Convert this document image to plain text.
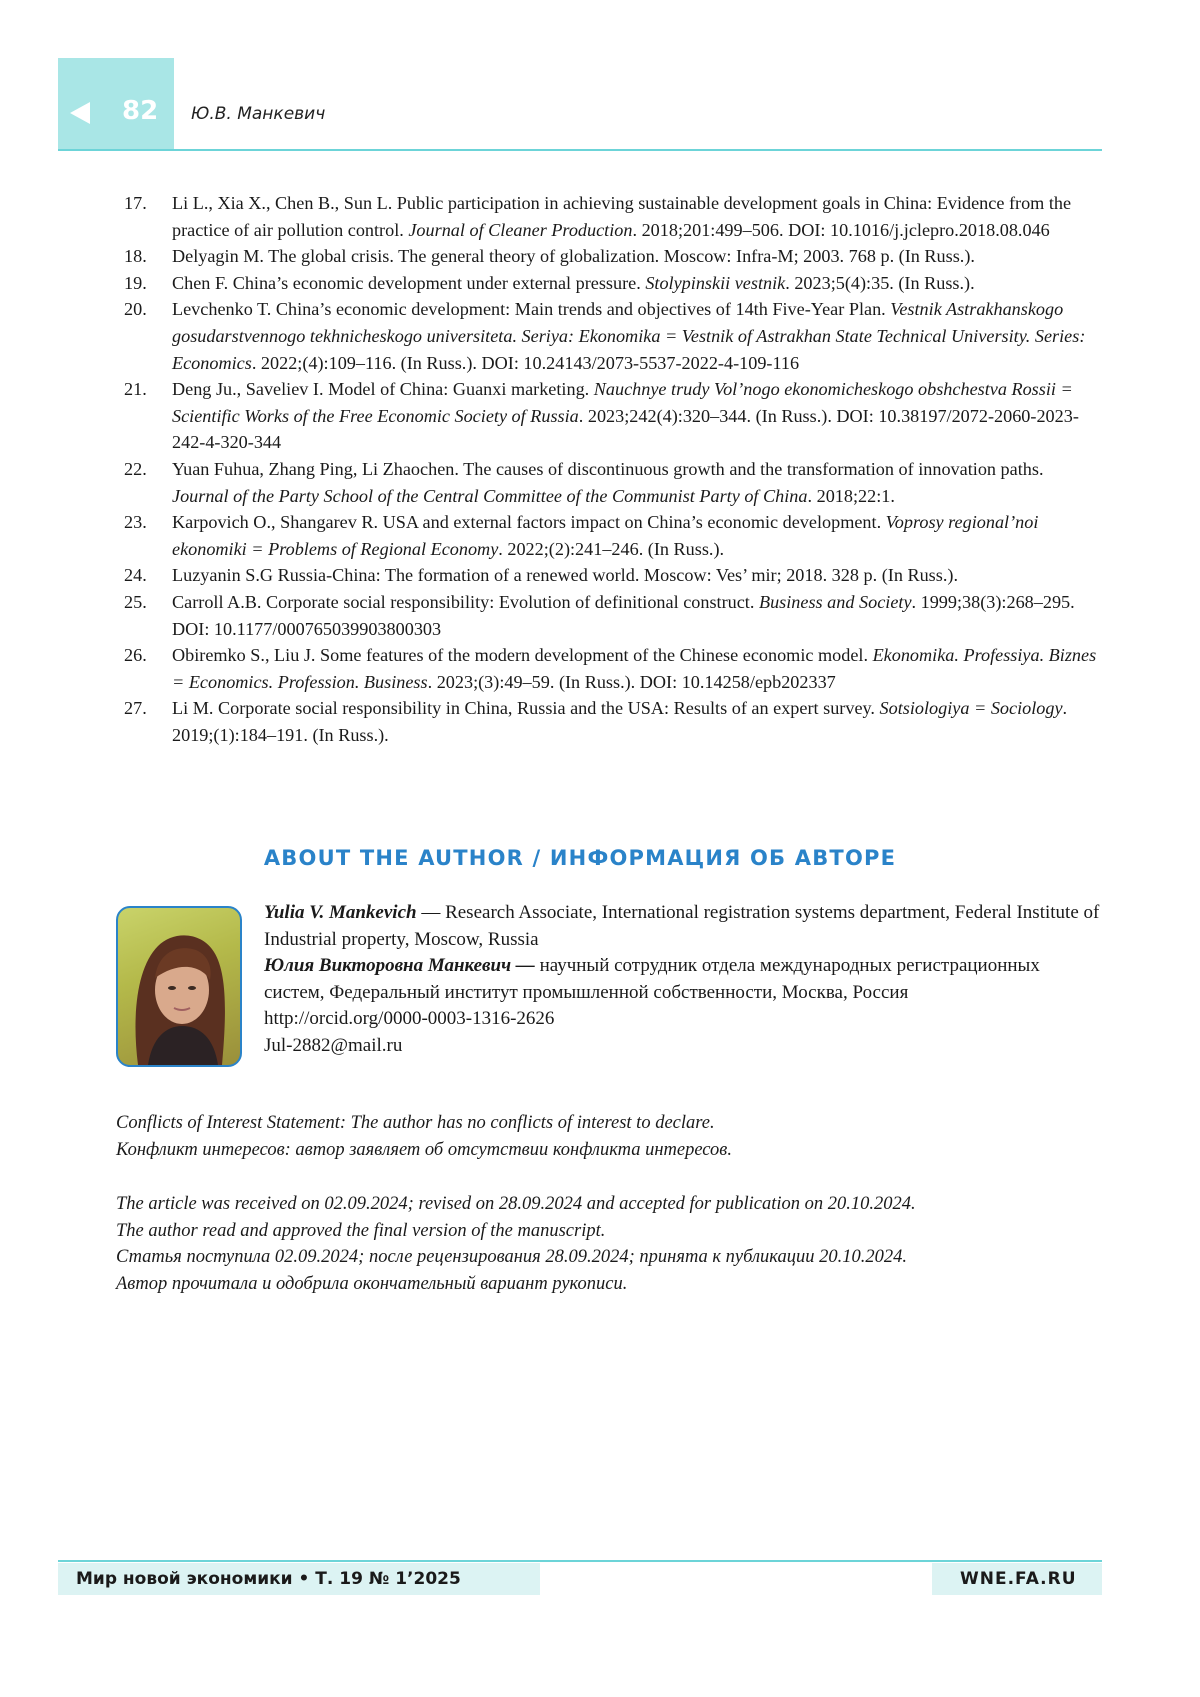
82 Ю.В. Манкевич
17. Li L., Xia X., Chen B., Sun L. Public participation in achieving sustainable development goals in China: Evidence from the practice of air pollution control. Journal of Cleaner Production. 2018;201:499–506. DOI: 10.1016/j.jclepro.2018.08.046
18. Delyagin M. The global crisis. The general theory of globalization. Moscow: Infra-M; 2003. 768 p. (In Russ.).
19. Chen F. China’s economic development under external pressure. Stolypinskii vestnik. 2023;5(4):35. (In Russ.).
20. Levchenko T. China’s economic development: Main trends and objectives of 14th Five-Year Plan. Vestnik Astrakhanskogo gosudarstvennogo tekhnicheskogo universiteta. Seriya: Ekonomika = Vestnik of Astrakhan State Technical University. Series: Economics. 2022;(4):109–116. (In Russ.). DOI: 10.24143/2073-5537-2022-4-109-116
21. Deng Ju., Saveliev I. Model of China: Guanxi marketing. Nauchnye trudy Vol’nogo ekonomicheskogo obshchestva Rossii = Scientific Works of the Free Economic Society of Russia. 2023;242(4):320–344. (In Russ.). DOI: 10.38197/2072-2060-2023-242-4-320-344
22. Yuan Fuhua, Zhang Ping, Li Zhaochen. The causes of discontinuous growth and the transformation of innovation paths. Journal of the Party School of the Central Committee of the Communist Party of China. 2018;22:1.
23. Karpovich O., Shangarev R. USA and external factors impact on China’s economic development. Voprosy regional’noi ekonomiki = Problems of Regional Economy. 2022;(2):241–246. (In Russ.).
24. Luzyanin S.G Russia-China: The formation of a renewed world. Moscow: Ves’ mir; 2018. 328 p. (In Russ.).
25. Carroll A.B. Corporate social responsibility: Evolution of definitional construct. Business and Society. 1999;38(3):268–295. DOI: 10.1177/000765039903800303
26. Obiremko S., Liu J. Some features of the modern development of the Chinese economic model. Ekonomika. Professiya. Biznes = Economics. Profession. Business. 2023;(3):49–59. (In Russ.). DOI: 10.14258/epb202337
27. Li M. Corporate social responsibility in China, Russia and the USA: Results of an expert survey. Sotsiologiya = Sociology. 2019;(1):184–191. (In Russ.).
ABOUT THE AUTHOR / ИНФОРМАЦИЯ ОБ АВТОРЕ
Yulia V. Mankevich — Research Associate, International registration systems department, Federal Institute of Industrial property, Moscow, Russia
Юлия Викторовна Манкевич — научный сотрудник отдела международных регистрационных систем, Федеральный институт промышленной собственности, Москва, Россия
http://orcid.org/0000-0003-1316-2626
Jul-2882@mail.ru
Conflicts of Interest Statement: The author has no conflicts of interest to declare.
Конфликт интересов: автор заявляет об отсутствии конфликта интересов.
The article was received on 02.09.2024; revised on 28.09.2024 and accepted for publication on 20.10.2024.
The author read and approved the final version of the manuscript.
Статья поступила 02.09.2024; после рецензирования 28.09.2024; принята к публикации 20.10.2024.
Автор прочитала и одобрила окончательный вариант рукописи.
Мир новой экономики • Т. 19 № 1’2025	WNE.FA.RU
